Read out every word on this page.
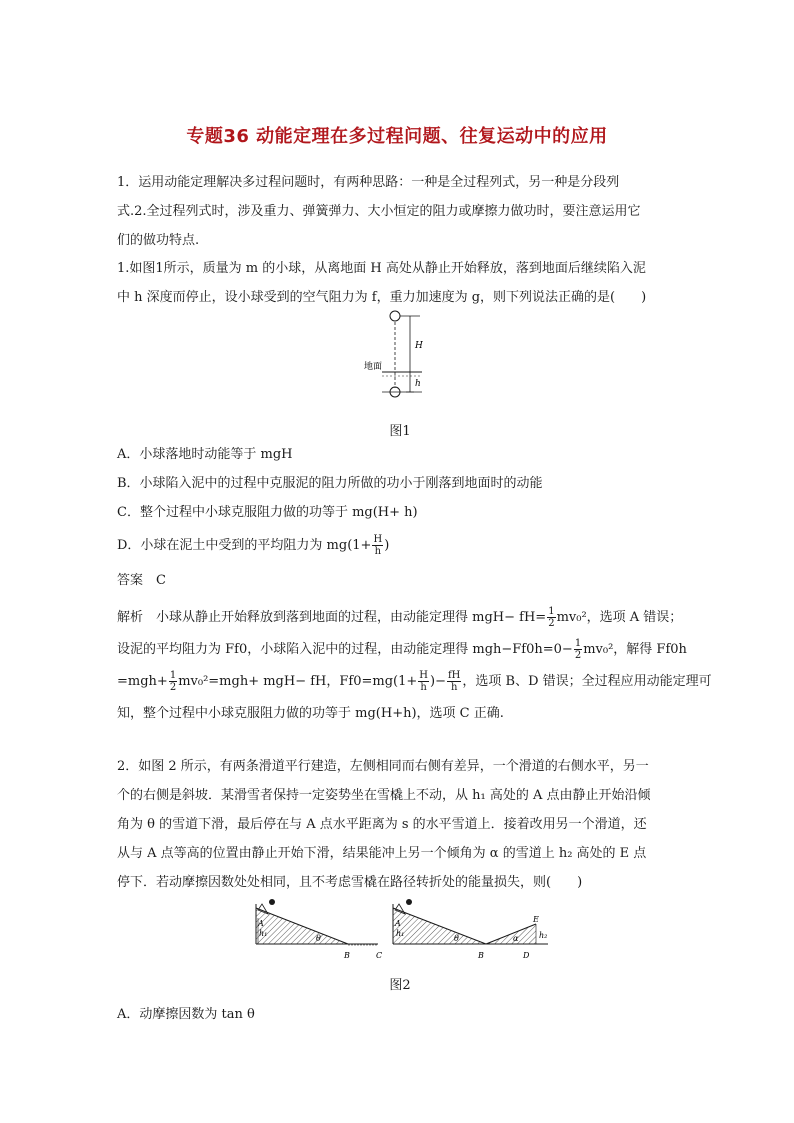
专题36 动能定理在多过程问题、往复运动中的应用
1．运用动能定理解决多过程问题时，有两种思路：一种是全过程列式，另一种是分段列
式.2.全过程列式时，涉及重力、弹簧弹力、大小恒定的阻力或摩擦力做功时，要注意运用它
们的做功特点.
1.如图1所示，质量为 m 的小球，从离地面 H 高处从静止开始释放，落到地面后继续陷入泥
中 h 深度而停止，设小球受到的空气阻力为 f，重力加速度为 g，则下列说法正确的是(　　)
H
h
地面
图1
A．小球落地时动能等于 mgH
B．小球陷入泥中的过程中克服泥的阻力所做的功小于刚落到地面时的动能
C．整个过程中小球克服阻力做的功等于 mg(H+ h)
D．小球在泥土中受到的平均阻力为 $mg(1+ \frac{H}{h}$ )
答案　C
解析　小球从静止开始释放到落到地面的过程，由动能定理得 $mgH- fH= \frac{1}{2} mv_0^2$，选项 A 错误；
设泥的平均阻力为 Ff0，小球陷入泥中的过程，由动能定理得 $mgh-Ff0h=0- \frac{1}{2} mv_0^2$，解得 Ff0h
$=mgh+ \frac{1}{2} mv_0^2=mgh+ mgH-$ fH，$Ff0=mg(1+ \frac{H}{h}$ )− $\frac{fH}{h}$ ，选项 B、D 错误；全过程应用动能定理可
知，整个过程中小球克服阻力做的功等于 mg(H+h)，选项 C 正确.
2．如图 2 所示，有两条滑道平行建造，左侧相同而右侧有差异，一个滑道的右侧水平，另一
个的右侧是斜坡．某滑雪者保持一定姿势坐在雪橇上不动，从 h₁ 高处的 A 点由静止开始沿倾
角为 θ 的雪道下滑，最后停在与 A 点水平距离为 s 的水平雪道上．接着改用另一个滑道，还
从与 A 点等高的位置由静止开始下滑，结果能冲上另一个倾角为 α 的雪道上 h₂ 高处的 E 点
停下．若动摩擦因数处处相同，且不考虑雪橇在路径转折处的能量损失，则(　　)
A
h₁
θ
B	C
A
h₁
θ
B	D
E
α	h₂
图2
A．动摩擦因数为 tan θ
